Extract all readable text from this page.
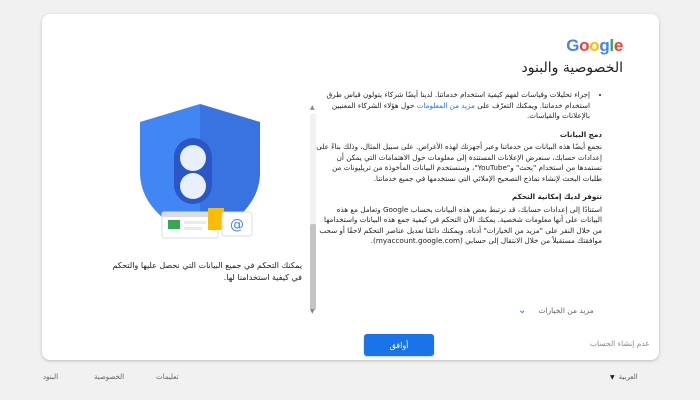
Google
الخصوصية والبنود
@
يمكنك التحكم في جميع البيانات التي نحصل عليها والتحكم في كيفية استخدامنا لها.
▲
▼
• إجراء تحليلات وقياسات لفهم كيفية استخدام خدماتنا. لدينا أيضًا شركاء يتولون قياس طرق استخدام خدماتنا. ويمكنك التعرّف على مزيد من المعلومات حول هؤلاء الشركاء المعنيين بالإعلانات والقياسات.

دمج البيانات

نجمع أيضًا هذه البيانات من خدماتنا وعبر أجهزتك لهذه الأغراض. على سبيل المثال، وذلك بناءً على إعدادات حسابك، سنعرض الإعلانات المستندة إلى معلومات حول الاهتمامات التي يمكن أن نستمدها من استخدام "بحث" و"YouTube"، وسنستخدم البيانات المأخوذة من تريليونات من طلبات البحث لإنشاء نماذج التصحيح الإملائي التي نستخدمها في جميع خدماتنا.

تتوفر لديك إمكانية التحكم

استنادًا إلى إعدادات حسابك، قد نرتبط بعض هذه البيانات بحساب Google وتعامل مع هذه البيانات على أنها معلومات شخصية. يمكنك الآن التحكم في كيفية جمع هذه البيانات واستخدامها من خلال النقر على "مزيد من الخيارات" أدناه. ويمكنك دائمًا تعديل عناصر التحكم لاحقًا أو سحب موافقتك مستقبلاً من خلال الانتقال إلى حسابي (myaccount.google.com).

مزيد من الخيارات
⌄
عدم إنشاء الحساب
أوافق
العربية
▼
تعليمات
الخصوصية
البنود
